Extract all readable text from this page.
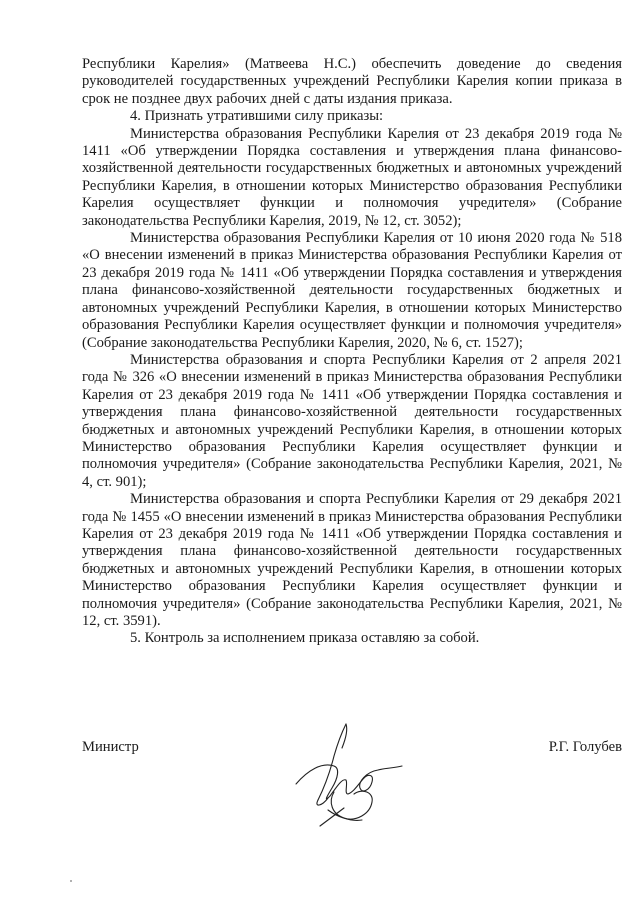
Республики Карелия» (Матвеева Н.С.) обеспечить доведение до сведения руководителей государственных учреждений Республики Карелия копии приказа в срок не позднее двух рабочих дней с даты издания приказа.

4. Признать утратившими силу приказы:

Министерства образования Республики Карелия от 23 декабря 2019 года № 1411 «Об утверждении Порядка составления и утверждения плана финансово-хозяйственной деятельности государственных бюджетных и автономных учреждений Республики Карелия, в отношении которых Министерство образования Республики Карелия осуществляет функции и полномочия учредителя» (Собрание законодательства Республики Карелия, 2019, № 12, ст. 3052);

Министерства образования Республики Карелия от 10 июня 2020 года № 518 «О внесении изменений в приказ Министерства образования Республики Карелия от 23 декабря 2019 года № 1411 «Об утверждении Порядка составления и утверждения плана финансово-хозяйственной деятельности государственных бюджетных и автономных учреждений Республики Карелия, в отношении которых Министерство образования Республики Карелия осуществляет функции и полномочия учредителя» (Собрание законодательства Республики Карелия, 2020, № 6, ст. 1527);

Министерства образования и спорта Республики Карелия от 2 апреля 2021 года № 326 «О внесении изменений в приказ Министерства образования Республики Карелия от 23 декабря 2019 года № 1411 «Об утверждении Порядка составления и утверждения плана финансово-хозяйственной деятельности государственных бюджетных и автономных учреждений Республики Карелия, в отношении которых Министерство образования Республики Карелия осуществляет функции и полномочия учредителя» (Собрание законодательства Республики Карелия, 2021, № 4, ст. 901);

Министерства образования и спорта Республики Карелия от 29 декабря 2021 года № 1455 «О внесении изменений в приказ Министерства образования Республики Карелия от 23 декабря 2019 года № 1411 «Об утверждении Порядка составления и утверждения плана финансово-хозяйственной деятельности государственных бюджетных и автономных учреждений Республики Карелия, в отношении которых Министерство образования Республики Карелия осуществляет функции и полномочия учредителя» (Собрание законодательства Республики Карелия, 2021, № 12, ст. 3591).

5. Контроль за исполнением приказа оставляю за собой.

Министр	Р.Г. Голубев
